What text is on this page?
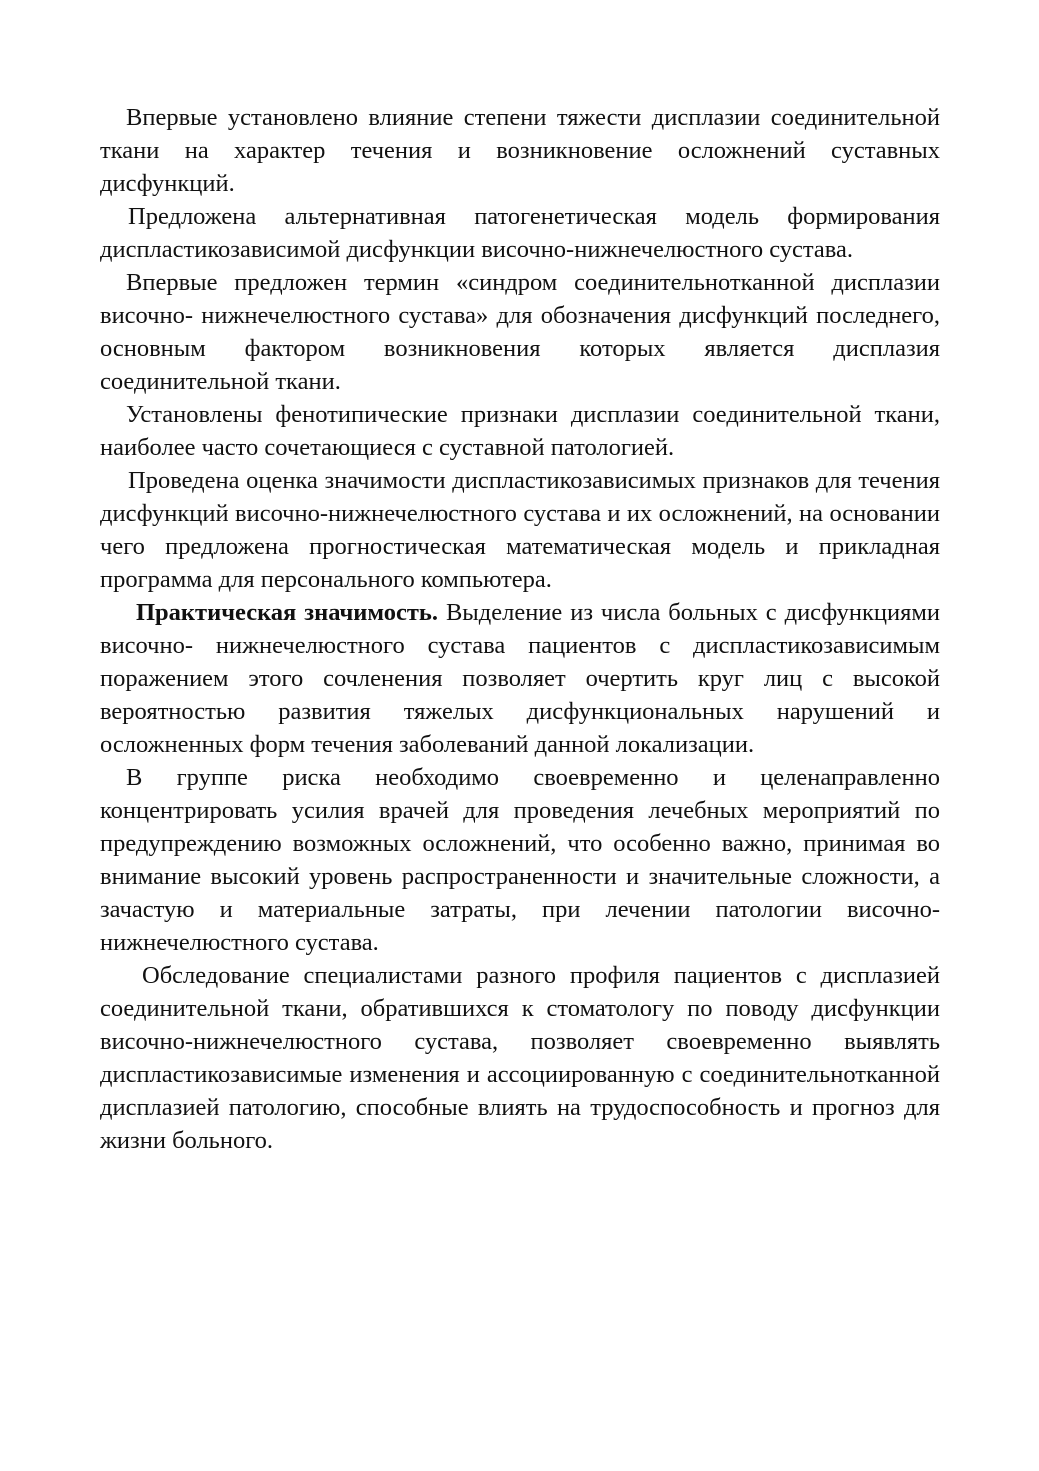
Впервые установлено влияние степени тяжести дисплазии соединительной ткани на характер течения и возникновение осложнений суставных дисфункций.

Предложена альтернативная патогенетическая модель формирования диспластикозависимой дисфункции височно-нижнечелюстного сустава.

Впервые предложен термин «синдром соединительнотканной дисплазии височно- нижнечелюстного сустава» для обозначения дисфункций последнего, основным фактором возникновения которых является дисплазия соединительной ткани.

Установлены фенотипические признаки дисплазии соединительной ткани, наиболее часто сочетающиеся с суставной патологией.

Проведена оценка значимости диспластикозависимых признаков для течения дисфункций височно-нижнечелюстного сустава и их осложнений, на основании чего предложена прогностическая математическая модель и прикладная программа для персонального компьютера.

Практическая значимость. Выделение из числа больных с дисфункциями височно- нижнечелюстного сустава пациентов с диспластикозависимым поражением этого сочленения позволяет очертить круг лиц с высокой вероятностью развития тяжелых дисфункциональных нарушений и осложненных форм течения заболеваний данной локализации.

В группе риска необходимо своевременно и целенаправленно концентрировать усилия врачей для проведения лечебных мероприятий по предупреждению возможных осложнений, что особенно важно, принимая во внимание высокий уровень распространенности и значительные сложности, а зачастую и материальные затраты, при лечении патологии височно-нижнечелюстного сустава.

Обследование специалистами разного профиля пациентов с дисплазией соединительной ткани, обратившихся к стоматологу по поводу дисфункции височно-нижнечелюстного сустава, позволяет своевременно выявлять диспластикозависимые изменения и ассоциированную с соединительнотканной дисплазией патологию, способные влиять на трудоспособность и прогноз для жизни больного.
